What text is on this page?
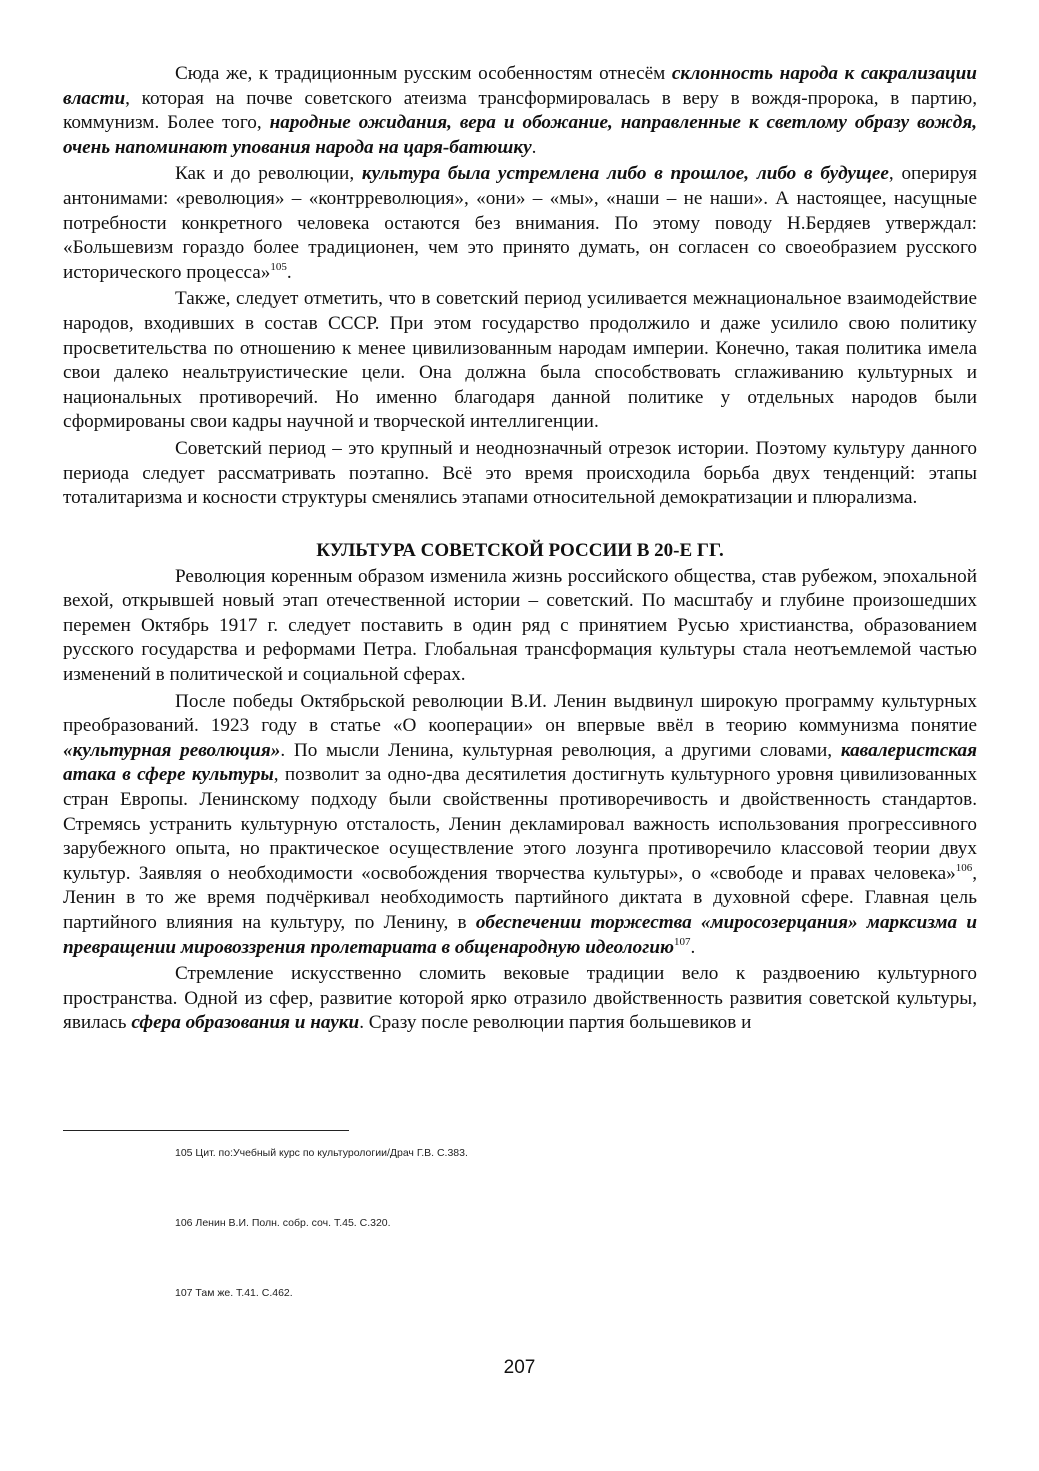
Сюда же, к традиционным русским особенностям отнесём склонность народа к сакрализации власти, которая на почве советского атеизма трансформировалась в веру в вождя-пророка, в партию, коммунизм. Более того, народные ожидания, вера и обожание, направленные к светлому образу вождя, очень напоминают упования народа на царя-батюшку.

Как и до революции, культура была устремлена либо в прошлое, либо в будущее, оперируя антонимами: «революция» – «контрреволюция», «они» – «мы», «наши – не наши». А настоящее, насущные потребности конкретного человека остаются без внимания. По этому поводу Н.Бердяев утверждал: «Большевизм гораздо более традиционен, чем это принято думать, он согласен со своеобразием русского исторического процесса»$^{105}$.

Также, следует отметить, что в советский период усиливается межнациональное взаимодействие народов, входивших в состав СССР. При этом государство продолжило и даже усилило свою политику просветительства по отношению к менее цивилизованным народам империи. Конечно, такая политика имела свои далеко неальтруистические цели. Она должна была способствовать сглаживанию культурных и национальных противоречий. Но именно благодаря данной политике у отдельных народов были сформированы свои кадры научной и творческой интеллигенции.

Советский период – это крупный и неоднозначный отрезок истории. Поэтому культуру данного периода следует рассматривать поэтапно. Всё это время происходила борьба двух тенденций: этапы тоталитаризма и косности структуры сменялись этапами относительной демократизации и плюрализма.

КУЛЬТУРА СОВЕТСКОЙ РОССИИ В 20-Е ГГ.

Революция коренным образом изменила жизнь российского общества, став рубежом, эпохальной вехой, открывшей новый этап отечественной истории – советский. По масштабу и глубине произошедших перемен Октябрь 1917 г. следует поставить в один ряд с принятием Русью христианства, образованием русского государства и реформами Петра. Глобальная трансформация культуры стала неотъемлемой частью изменений в политической и социальной сферах.

После победы Октябрьской революции В.И. Ленин выдвинул широкую программу культурных преобразований. 1923 году в статье «О кооперации» он впервые ввёл в теорию коммунизма понятие «культурная революция». По мысли Ленина, культурная революция, а другими словами, кавалеристская атака в сфере культуры, позволит за одно-два десятилетия достигнуть культурного уровня цивилизованных стран Европы. Ленинскому подходу были свойственны противоречивость и двойственность стандартов. Стремясь устранить культурную отсталость, Ленин декламировал важность использования прогрессивного зарубежного опыта, но практическое осуществление этого лозунга противоречило классовой теории двух культур. Заявляя о необходимости «освобождения творчества культуры», о «свободе и правах человека»$^{106}$, Ленин в то же время подчёркивал необходимость партийного диктата в духовной сфере. Главная цель партийного влияния на культуру, по Ленину, в обеспечении торжества «миросозерцания» марксизма и превращении мировоззрения пролетариата в общенародную идеологию$^{107}$.

Стремление искусственно сломить вековые традиции вело к раздвоению культурного пространства. Одной из сфер, развитие которой ярко отразило двойственность развития советской культуры, явилась сфера образования и науки. Сразу после революции партия большевиков и

105 Цит. по:Учебный курс по культурологии/Драч Г.В. С.383.
106 Ленин В.И. Полн. собр. соч. Т.45. С.320.
107 Там же. Т.41. С.462.
207
